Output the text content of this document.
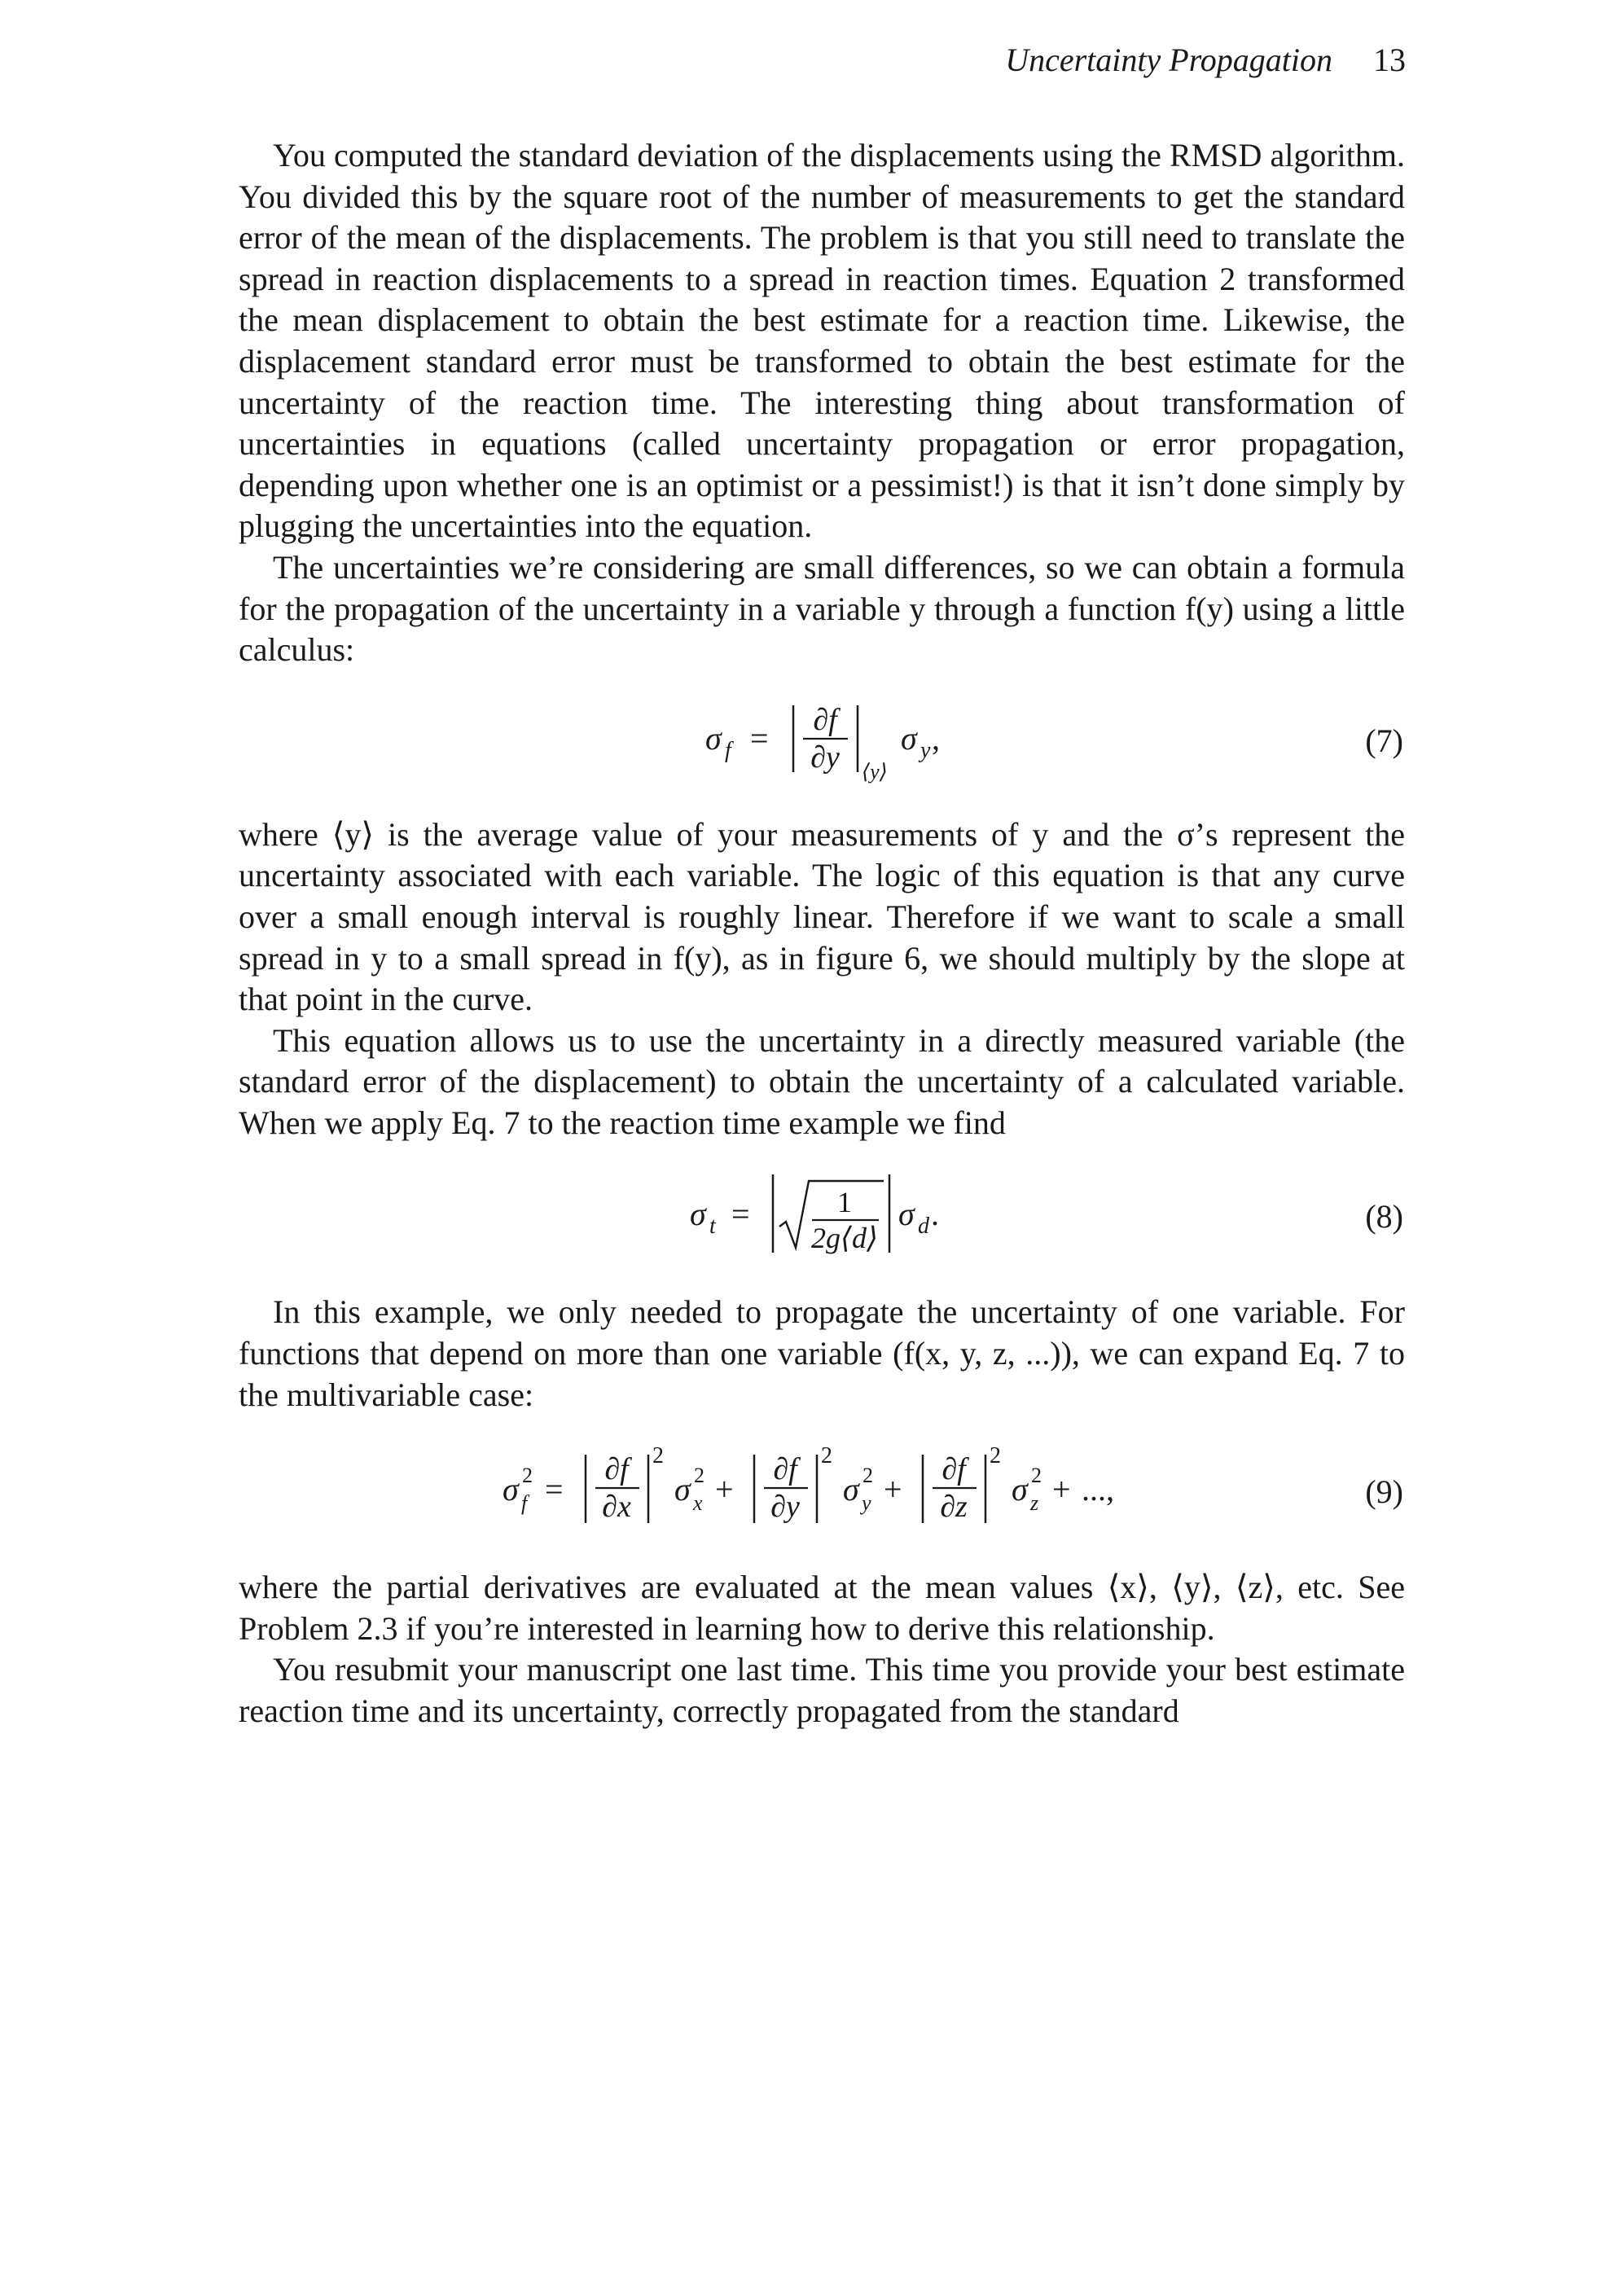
Uncertainty Propagation 13

You computed the standard deviation of the displacements using the RMSD algorithm. You divided this by the square root of the number of measurements to get the standard error of the mean of the displacements. The problem is that you still need to translate the spread in reaction displacements to a spread in reaction times. Equation 2 transformed the mean displacement to obtain the best estimate for a reaction time. Likewise, the displacement standard error must be transformed to obtain the best estimate for the uncertainty of the reaction time. The interesting thing about transformation of uncertainties in equations (called uncertainty propagation or error propagation, depending upon whether one is an optimist or a pessimist!) is that it isn’t done simply by plugging the uncertainties into the equation.

The uncertainties we’re considering are small differences, so we can obtain a formula for the propagation of the uncertainty in a variable y through a function f(y) using a little calculus:

σ f = ∂f
∂y ⟨y⟩
σ y ,	(7)

where ⟨y⟩ is the average value of your measurements of y and the σ’s represent the uncertainty associated with each variable. The logic of this equation is that any curve over a small enough interval is roughly linear. Therefore if we want to scale a small spread in y to a small spread in f(y), as in figure 6, we should multiply by the slope at that point in the curve.

This equation allows us to use the uncertainty in a directly measured variable (the standard error of the displacement) to obtain the uncertainty of a calculated variable. When we apply Eq. 7 to the reaction time example we find

σ t =	1
2g⟨d⟩
σ d .	(8)

In this example, we only needed to propagate the uncertainty of one variable. For functions that depend on more than one variable (f(x, y, z, ...)), we can expand Eq. 7 to the multivariable case:

σ 2
f =
∂f
∂x
2
σ 2
x +
∂f
∂y
2
σ 2
y +
∂f
∂z
2
σ 2
z + ...,	(9)

where the partial derivatives are evaluated at the mean values ⟨x⟩, ⟨y⟩, ⟨z⟩, etc. See Problem 2.3 if you’re interested in learning how to derive this relationship.

You resubmit your manuscript one last time. This time you provide your best estimate reaction time and its uncertainty, correctly propagated from the standard
